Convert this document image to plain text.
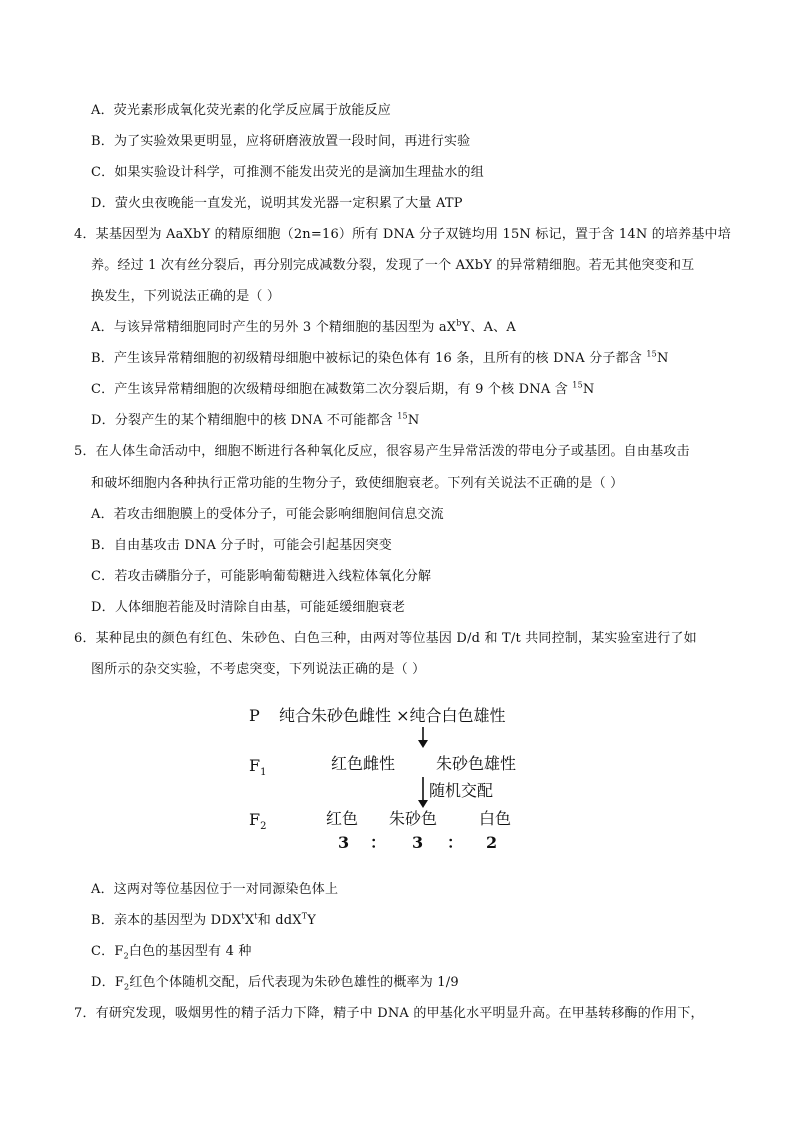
A．荧光素形成氧化荧光素的化学反应属于放能反应
B．为了实验效果更明显，应将研磨液放置一段时间，再进行实验
C．如果实验设计科学，可推测不能发出荧光的是滴加生理盐水的组
D．萤火虫夜晚能一直发光，说明其发光器一定积累了大量 ATP
4．某基因型为 AaXbY 的精原细胞（2n=16）所有 DNA 分子双链均用 15N 标记，置于含 14N 的培养基中培
养。经过 1 次有丝分裂后，再分别完成减数分裂，发现了一个 AXbY 的异常精细胞。若无其他突变和互
换发生，下列说法正确的是（ ）
A．与该异常精细胞同时产生的另外 3 个精细胞的基因型为 $aX^bY$、A、A
B．产生该异常精细胞的初级精母细胞中被标记的染色体有 16 条，且所有的核 DNA 分子都含 $^{15}$N
C．产生该异常精细胞的次级精母细胞在减数第二次分裂后期，有 9 个核 DNA 含 $^{15}$N
D．分裂产生的某个精细胞中的核 DNA 不可能都含 $^{15}$N
5．在人体生命活动中，细胞不断进行各种氧化反应，很容易产生异常活泼的带电分子或基团。自由基攻击
和破坏细胞内各种执行正常功能的生物分子，致使细胞衰老。下列有关说法不正确的是（ ）
A．若攻击细胞膜上的受体分子，可能会影响细胞间信息交流
B．自由基攻击 DNA 分子时，可能会引起基因突变
C．若攻击磷脂分子，可能影响葡萄糖进入线粒体氧化分解
D．人体细胞若能及时清除自由基，可能延缓细胞衰老
6．某种昆虫的颜色有红色、朱砂色、白色三种，由两对等位基因 D/d 和 T/t 共同控制，某实验室进行了如
图所示的杂交实验，不考虑突变，下列说法正确的是（ ）
P 纯合朱砂色雌性 ×纯合白色雄性
$F_1$	红色雌性	朱砂色雄性
随机交配
$F_2$	红色 朱砂色	白色
3 ： 3 ： 2
A．这两对等位基因位于一对同源染色体上
B．亲本的基因型为 $DDX^tX^t$和 ddX$^T$Y
C．$F_2$白色的基因型有 4 种
D．$F_2$红色个体随机交配，后代表现为朱砂色雄性的概率为 1/9
7．有研究发现，吸烟男性的精子活力下降，精子中 DNA 的甲基化水平明显升高。在甲基转移酶的作用下，
